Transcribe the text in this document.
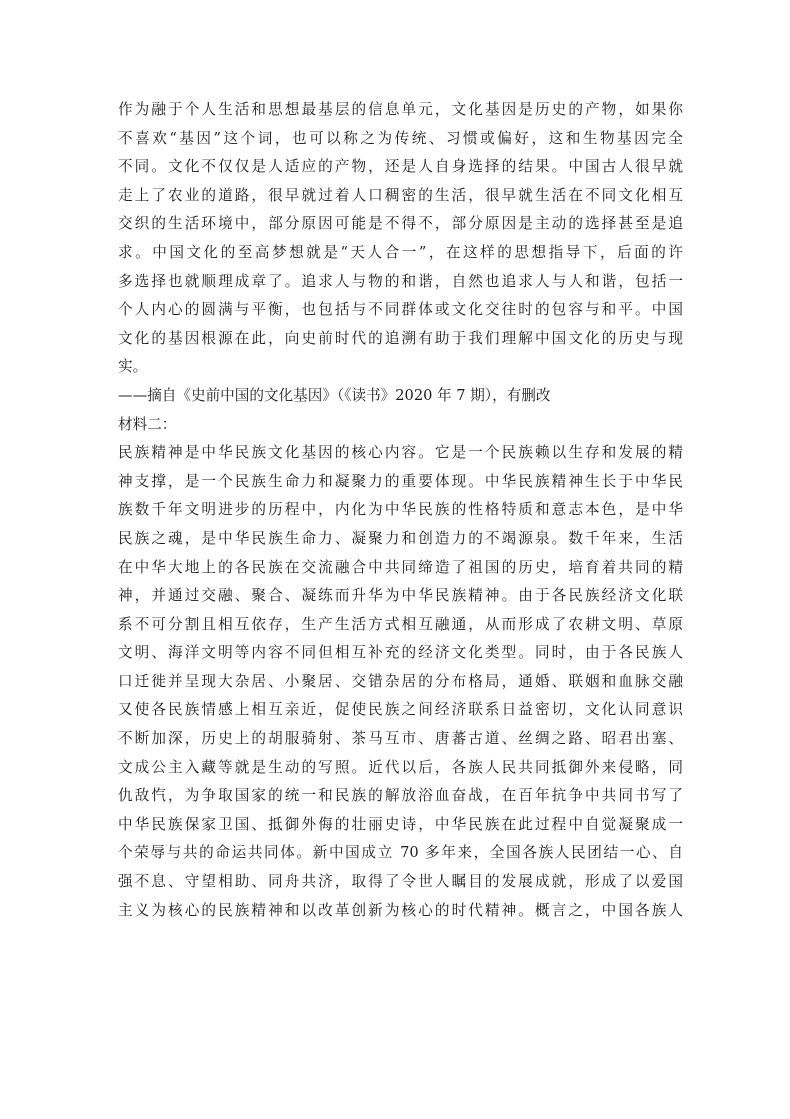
作为融于个人生活和思想最基层的信息单元，文化基因是历史的产物，如果你
不喜欢“基因”这个词，也可以称之为传统、习惯或偏好，这和生物基因完全
不同。文化不仅仅是人适应的产物，还是人自身选择的结果。中国古人很早就
走上了农业的道路，很早就过着人口稠密的生活，很早就生活在不同文化相互
交织的生活环境中，部分原因可能是不得不，部分原因是主动的选择甚至是追
求。中国文化的至高梦想就是“天人合一”，在这样的思想指导下，后面的许
多选择也就顺理成章了。追求人与物的和谐，自然也追求人与人和谐，包括一
个人内心的圆满与平衡，也包括与不同群体或文化交往时的包容与和平。中国
文化的基因根源在此，向史前时代的追溯有助于我们理解中国文化的历史与现
实。
——摘自《史前中国的文化基因》（《读书》2020 年 7 期），有删改
材料二：
民族精神是中华民族文化基因的核心内容。它是一个民族赖以生存和发展的精
神支撑，是一个民族生命力和凝聚力的重要体现。中华民族精神生长于中华民
族数千年文明进步的历程中，内化为中华民族的性格特质和意志本色，是中华
民族之魂，是中华民族生命力、凝聚力和创造力的不竭源泉。数千年来，生活
在中华大地上的各民族在交流融合中共同缔造了祖国的历史，培育着共同的精
神，并通过交融、聚合、凝练而升华为中华民族精神。由于各民族经济文化联
系不可分割且相互依存，生产生活方式相互融通，从而形成了农耕文明、草原
文明、海洋文明等内容不同但相互补充的经济文化类型。同时，由于各民族人
口迁徙并呈现大杂居、小聚居、交错杂居的分布格局，通婚、联姻和血脉交融
又使各民族情感上相互亲近，促使民族之间经济联系日益密切，文化认同意识
不断加深，历史上的胡服骑射、茶马互市、唐蕃古道、丝绸之路、昭君出塞、
文成公主入藏等就是生动的写照。近代以后，各族人民共同抵御外来侵略，同
仇敌忾，为争取国家的统一和民族的解放浴血奋战，在百年抗争中共同书写了
中华民族保家卫国、抵御外侮的壮丽史诗，中华民族在此过程中自觉凝聚成一
个荣辱与共的命运共同体。新中国成立 70 多年来，全国各族人民团结一心、自
强不息、守望相助、同舟共济，取得了令世人瞩目的发展成就，形成了以爱国
主义为核心的民族精神和以改革创新为核心的时代精神。概言之，中国各族人
